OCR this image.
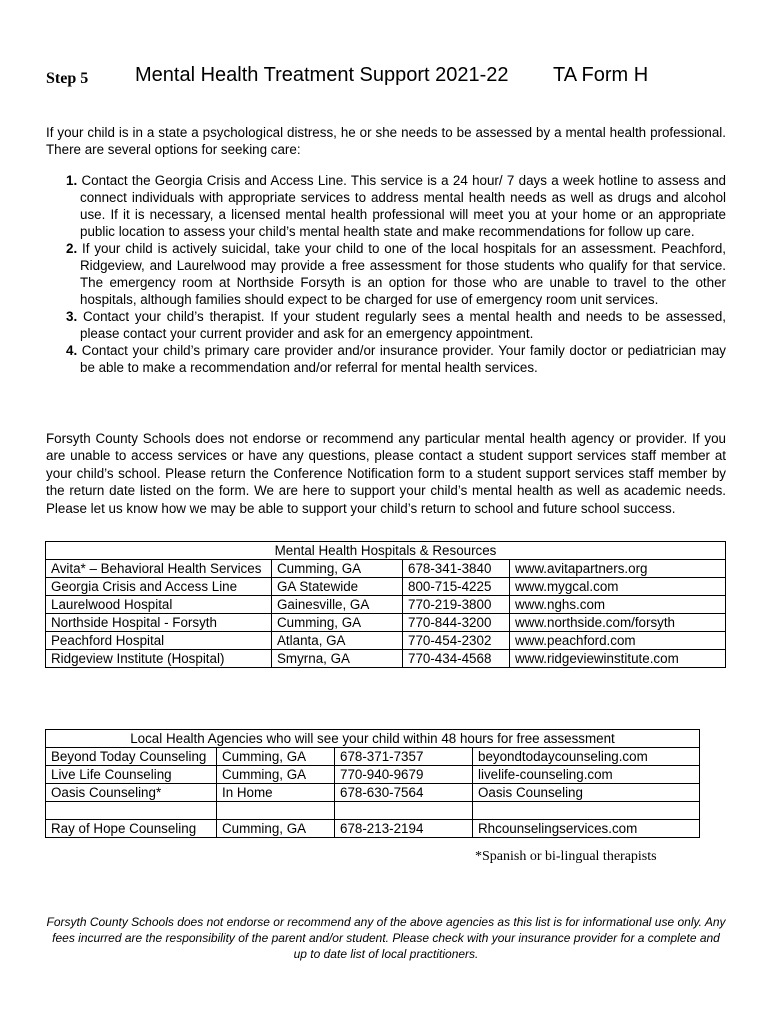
Step 5 Mental Health Treatment Support 2021-22 TA Form H

If your child is in a state a psychological distress, he or she needs to be assessed by a mental health professional. There are several options for seeking care:

1. Contact the Georgia Crisis and Access Line. This service is a 24 hour/ 7 days a week hotline to assess and connect individuals with appropriate services to address mental health needs as well as drugs and alcohol use. If it is necessary, a licensed mental health professional will meet you at your home or an appropriate public location to assess your child’s mental health state and make recommendations for follow up care.
2. If your child is actively suicidal, take your child to one of the local hospitals for an assessment. Peachford, Ridgeview, and Laurelwood may provide a free assessment for those students who qualify for that service. The emergency room at Northside Forsyth is an option for those who are unable to travel to the other hospitals, although families should expect to be charged for use of emergency room unit services.
3. Contact your child’s therapist. If your student regularly sees a mental health and needs to be assessed, please contact your current provider and ask for an emergency appointment.
4. Contact your child’s primary care provider and/or insurance provider. Your family doctor or pediatrician may be able to make a recommendation and/or referral for mental health services.

Forsyth County Schools does not endorse or recommend any particular mental health agency or provider. If you are unable to access services or have any questions, please contact a student support services staff member at your child’s school. Please return the Conference Notification form to a student support services staff member by the return date listed on the form. We are here to support your child’s mental health as well as academic needs. Please let us know how we may be able to support your child’s return to school and future school success.

Mental Health Hospitals & Resources			
Avita* – Behavioral Health Services	Cumming, GA	678-341-3840	www.avitapartners.org
Georgia Crisis and Access Line	GA Statewide	800-715-4225	www.mygcal.com
Laurelwood Hospital	Gainesville, GA	770-219-3800	www.nghs.com
Northside Hospital - Forsyth	Cumming, GA	770-844-3200	www.northside.com/forsyth
Peachford Hospital	Atlanta, GA	770-454-2302	www.peachford.com
Ridgeview Institute (Hospital)	Smyrna, GA	770-434-4568	www.ridgeviewinstitute.com
Local Health Agencies who will see your child within 48 hours for free assessment			
Beyond Today Counseling	Cumming, GA	678-371-7357	beyondtodaycounseling.com
Live Life Counseling	Cumming, GA	770-940-9679	livelife-counseling.com
Oasis Counseling*	In Home	678-630-7564	Oasis Counseling

Ray of Hope Counseling	Cumming, GA	678-213-2194	Rhcounselingservices.com
*Spanish or bi-lingual therapists

Forsyth County Schools does not endorse or recommend any of the above agencies as this list is for informational use only. Any fees incurred are the responsibility of the parent and/or student. Please check with your insurance provider for a complete and up to date list of local practitioners.
